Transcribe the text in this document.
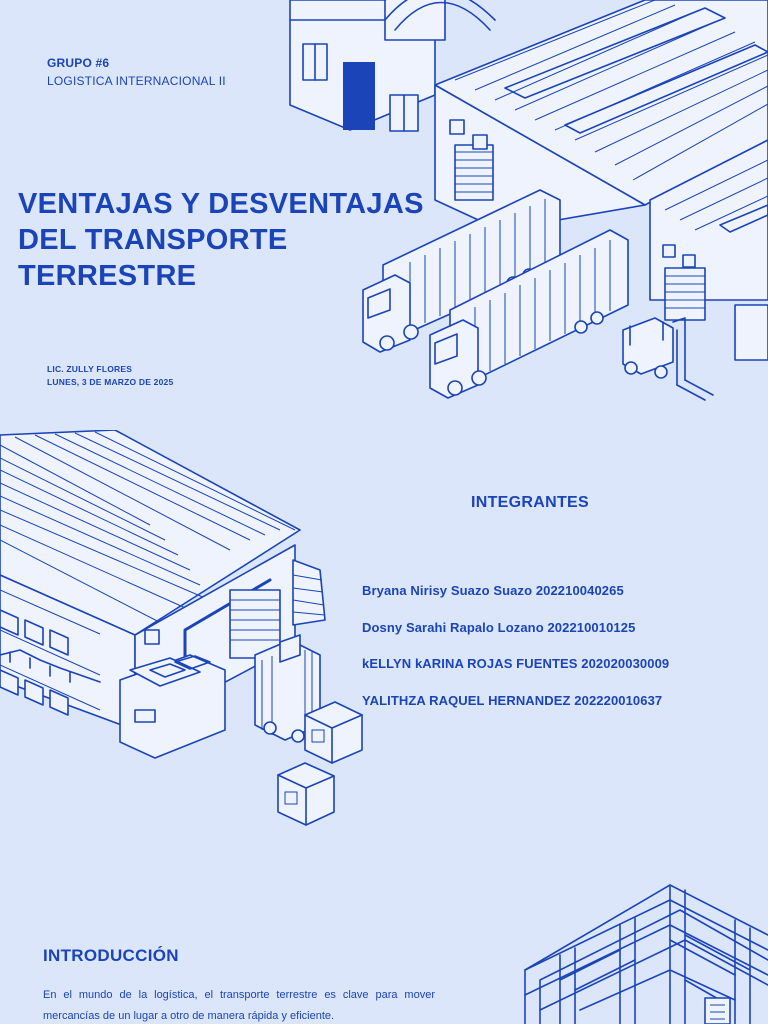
GRUPO #6
LOGISTICA INTERNACIONAL II
VENTAJAS Y DESVENTAJAS
DEL TRANSPORTE
TERRESTRE
LIC. ZULLY FLORES
LUNES, 3 DE MARZO DE 2025
INTEGRANTES
Bryana Nirisy Suazo Suazo 202210040265
Dosny Sarahi Rapalo Lozano 202210010125
kELLYN kARINA ROJAS FUENTES 202020030009
YALITHZA RAQUEL HERNANDEZ 202220010637
INTRODUCCIÓN

En el mundo de la logística, el transporte terrestre es clave para mover mercancías de un lugar a otro de manera rápida y eficiente.
